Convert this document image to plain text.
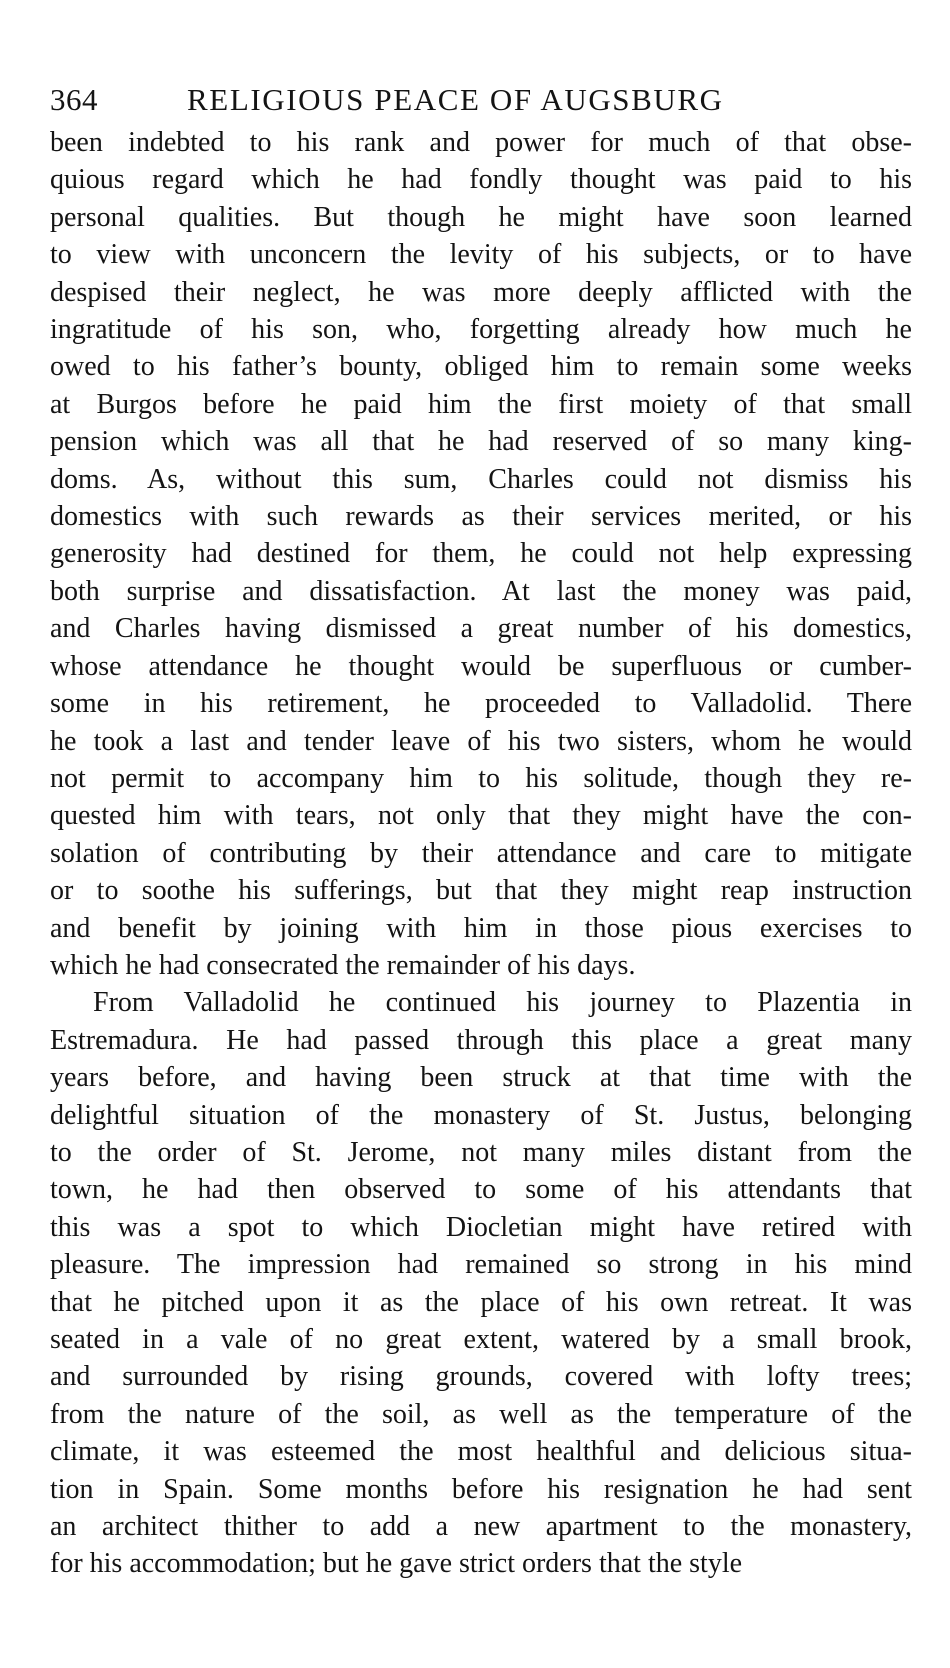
364	RELIGIOUS PEACE OF AUGSBURG

been indebted to his rank and power for much of that obse-
quious regard which he had fondly thought was paid to his
personal qualities. But though he might have soon learned
to view with unconcern the levity of his subjects, or to have
despised their neglect, he was more deeply afflicted with the
ingratitude of his son, who, forgetting already how much he
owed to his father’s bounty, obliged him to remain some weeks
at Burgos before he paid him the first moiety of that small
pension which was all that he had reserved of so many king-
doms. As, without this sum, Charles could not dismiss his
domestics with such rewards as their services merited, or his
generosity had destined for them, he could not help expressing
both surprise and dissatisfaction. At last the money was paid,
and Charles having dismissed a great number of his domestics,
whose attendance he thought would be superfluous or cumber-
some in his retirement, he proceeded to Valladolid. There
he took a last and tender leave of his two sisters, whom he would
not permit to accompany him to his solitude, though they re-
quested him with tears, not only that they might have the con-
solation of contributing by their attendance and care to mitigate
or to soothe his sufferings, but that they might reap instruction
and benefit by joining with him in those pious exercises to
which he had consecrated the remainder of his days.

From Valladolid he continued his journey to Plazentia in
Estremadura. He had passed through this place a great many
years before, and having been struck at that time with the
delightful situation of the monastery of St. Justus, belonging
to the order of St. Jerome, not many miles distant from the
town, he had then observed to some of his attendants that
this was a spot to which Diocletian might have retired with
pleasure. The impression had remained so strong in his mind
that he pitched upon it as the place of his own retreat. It was
seated in a vale of no great extent, watered by a small brook,
and surrounded by rising grounds, covered with lofty trees;
from the nature of the soil, as well as the temperature of the
climate, it was esteemed the most healthful and delicious situa-
tion in Spain. Some months before his resignation he had sent
an architect thither to add a new apartment to the monastery,
for his accommodation; but he gave strict orders that the style
